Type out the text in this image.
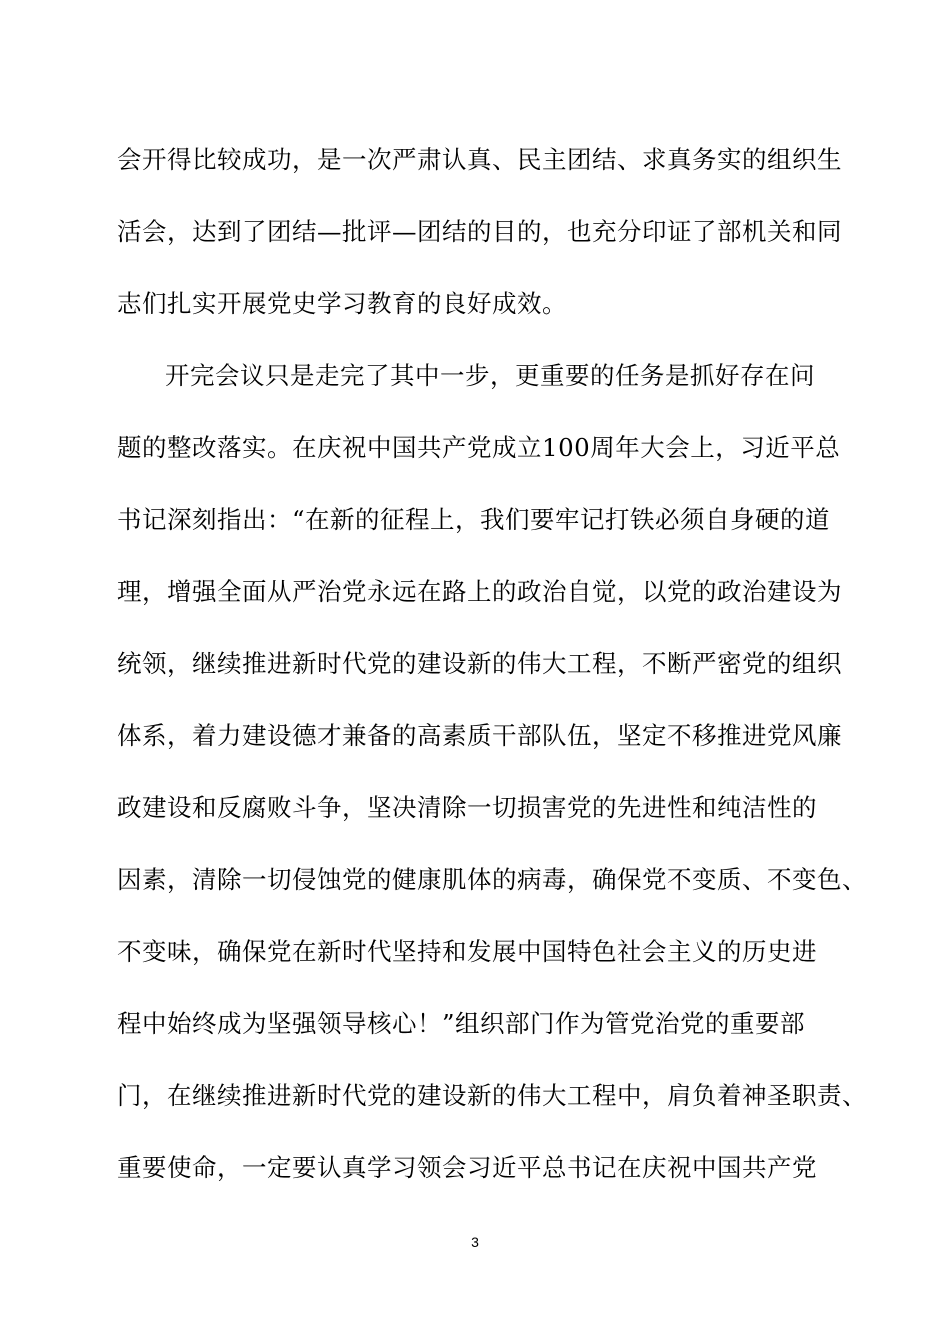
会开得比较成功，是一次严肃认真、民主团结、求真务实的组织生
活会，达到了团结—批评—团结的目的，也充分印证了部机关和同
志们扎实开展党史学习教育的良好成效。
开完会议只是走完了其中一步，更重要的任务是抓好存在问
题的整改落实。在庆祝中国共产党成立100周年大会上，习近平总
书记深刻指出：“在新的征程上，我们要牢记打铁必须自身硬的道
理，增强全面从严治党永远在路上的政治自觉，以党的政治建设为
统领，继续推进新时代党的建设新的伟大工程，不断严密党的组织
体系，着力建设德才兼备的高素质干部队伍，坚定不移推进党风廉
政建设和反腐败斗争，坚决清除一切损害党的先进性和纯洁性的
因素，清除一切侵蚀党的健康肌体的病毒，确保党不变质、不变色、
不变味，确保党在新时代坚持和发展中国特色社会主义的历史进
程中始终成为坚强领导核心！”组织部门作为管党治党的重要部
门，在继续推进新时代党的建设新的伟大工程中，肩负着神圣职责、
重要使命，一定要认真学习领会习近平总书记在庆祝中国共产党
3
